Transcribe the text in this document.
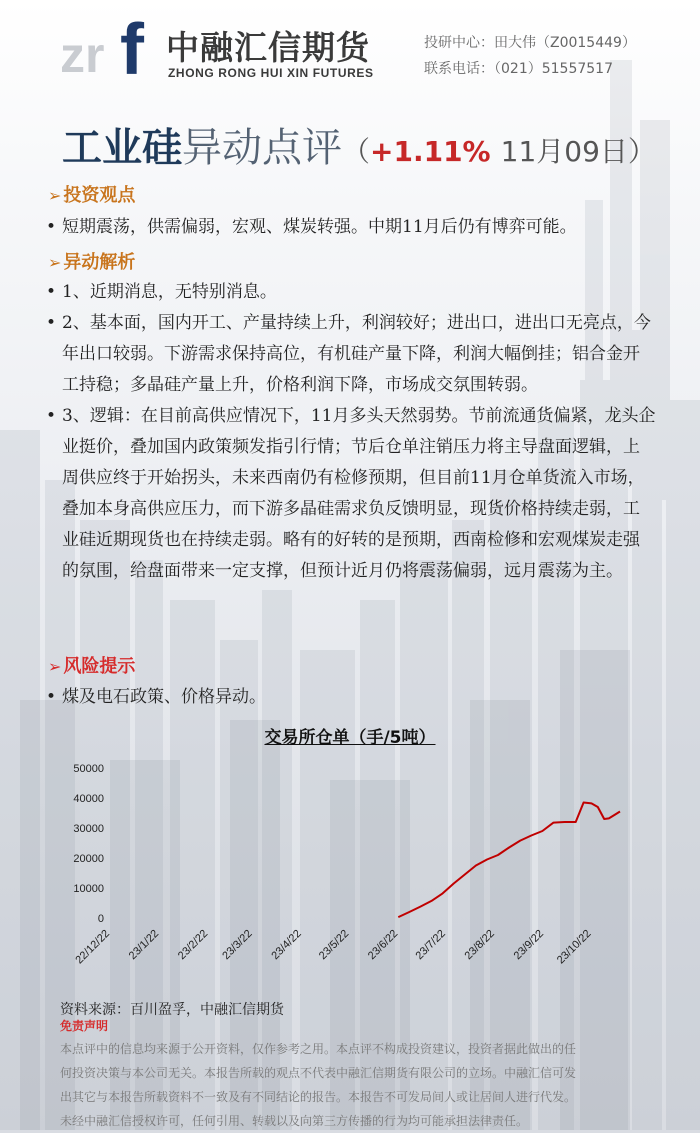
zr f 中融汇信期货
ZHONG RONG HUI XIN FUTURES
投研中心：田大伟（Z0015449）
联系电话：（021）51557517
工业硅异动点评（+1.11% 11月09日）
➢ 投资观点
• 短期震荡，供需偏弱，宏观、煤炭转强。中期11月后仍有博弈可能。
➢ 异动解析
• 1、近期消息，无特别消息。
• 2、基本面，国内开工、产量持续上升，利润较好；进出口，进出口无亮点，今年出口较弱。下游需求保持高位，有机硅产量下降，利润大幅倒挂；铝合金开工持稳；多晶硅产量上升，价格利润下降，市场成交氛围转弱。
• 3、逻辑：在目前高供应情况下，11月多头天然弱势。节前流通货偏紧，龙头企业挺价，叠加国内政策频发指引行情；节后仓单注销压力将主导盘面逻辑，上周供应终于开始拐头，未来西南仍有检修预期，但目前11月仓单货流入市场，叠加本身高供应压力，而下游多晶硅需求负反馈明显，现货价格持续走弱，工业硅近期现货也在持续走弱。略有的好转的是预期，西南检修和宏观煤炭走强的氛围，给盘面带来一定支撑，但预计近月仍将震荡偏弱，远月震荡为主。
➢ 风险提示
• 煤及电石政策、价格异动。
交易所仓单（手/5吨）
0
10000
20000
30000
40000
50000
22/12/22 23/1/22 23/2/22 23/3/22 23/4/22 23/5/22 23/6/22 23/7/22 23/8/22 23/9/22 23/10/22
资料来源：百川盈孚，中融汇信期货
免责声明
本点评中的信息均来源于公开资料，仅作参考之用。本点评不构成投资建议，投资者据此做出的任
何投资决策与本公司无关。本报告所载的观点不代表中融汇信期货有限公司的立场。中融汇信可发
出其它与本报告所载资料不一致及有不同结论的报告。本报告不可发局间人或让居间人进行代发。
未经中融汇信授权许可，任何引用、转载以及向第三方传播的行为均可能承担法律责任。
